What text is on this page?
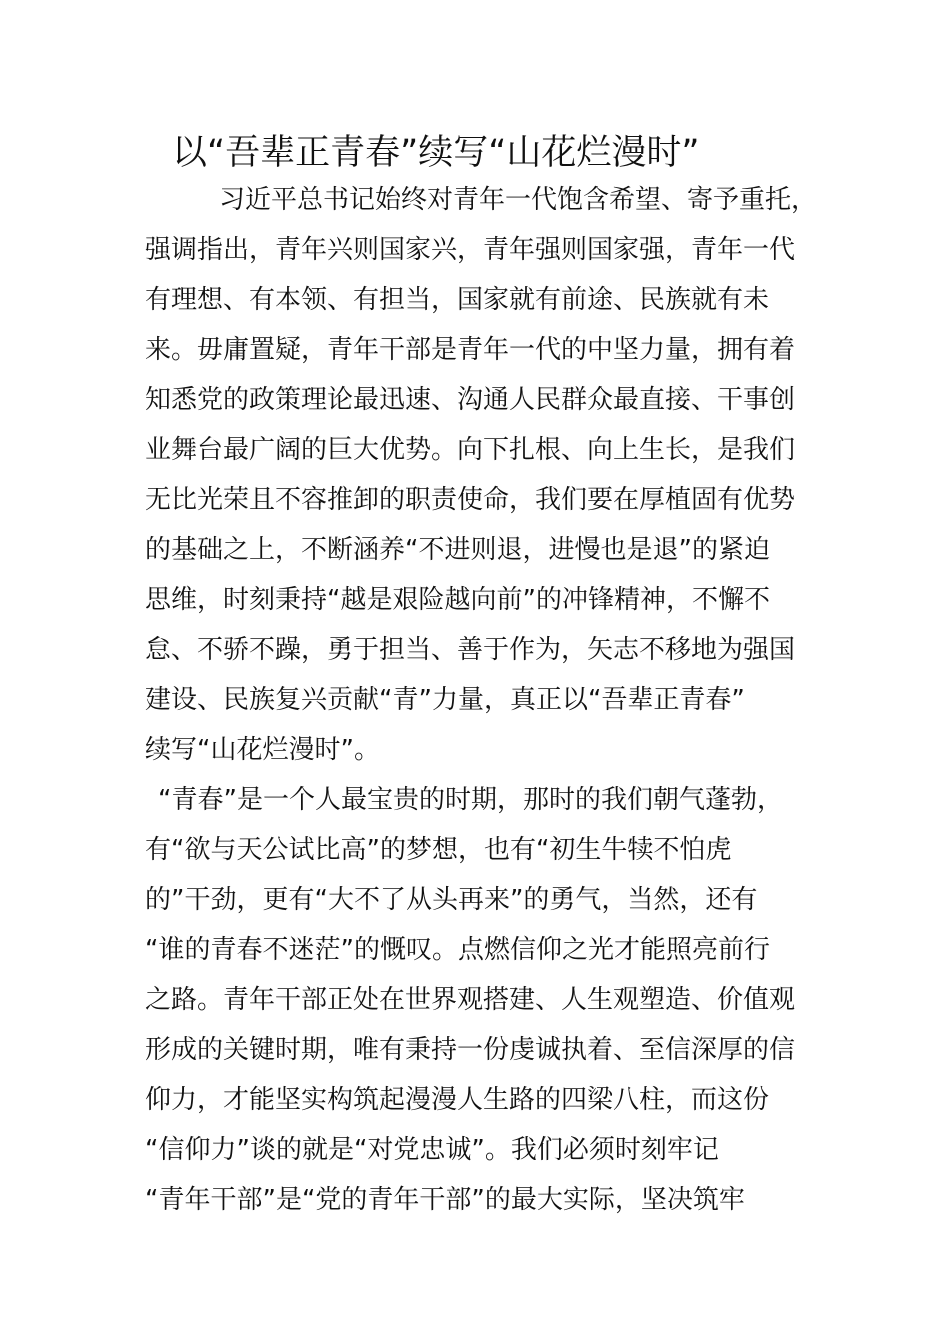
以“吾辈正青春”续写“山花烂漫时”
习近平总书记始终对青年一代饱含希望、寄予重托，
强调指出，青年兴则国家兴，青年强则国家强，青年一代
有理想、有本领、有担当，国家就有前途、民族就有未
来。毋庸置疑，青年干部是青年一代的中坚力量，拥有着
知悉党的政策理论最迅速、沟通人民群众最直接、干事创
业舞台最广阔的巨大优势。向下扎根、向上生长，是我们
无比光荣且不容推卸的职责使命，我们要在厚植固有优势
的基础之上，不断涵养“不进则退，进慢也是退”的紧迫
思维，时刻秉持“越是艰险越向前”的冲锋精神，不懈不
怠、不骄不躁，勇于担当、善于作为，矢志不移地为强国
建设、民族复兴贡献“青”力量，真正以“吾辈正青春”
续写“山花烂漫时”。
“青春”是一个人最宝贵的时期，那时的我们朝气蓬勃，
有“欲与天公试比高”的梦想，也有“初生牛犊不怕虎
的”干劲，更有“大不了从头再来”的勇气，当然，还有
“谁的青春不迷茫”的慨叹。点燃信仰之光才能照亮前行
之路。青年干部正处在世界观搭建、人生观塑造、价值观
形成的关键时期，唯有秉持一份虔诚执着、至信深厚的信
仰力，才能坚实构筑起漫漫人生路的四梁八柱，而这份
“信仰力”谈的就是“对党忠诚”。我们必须时刻牢记
“青年干部”是“党的青年干部”的最大实际，坚决筑牢
